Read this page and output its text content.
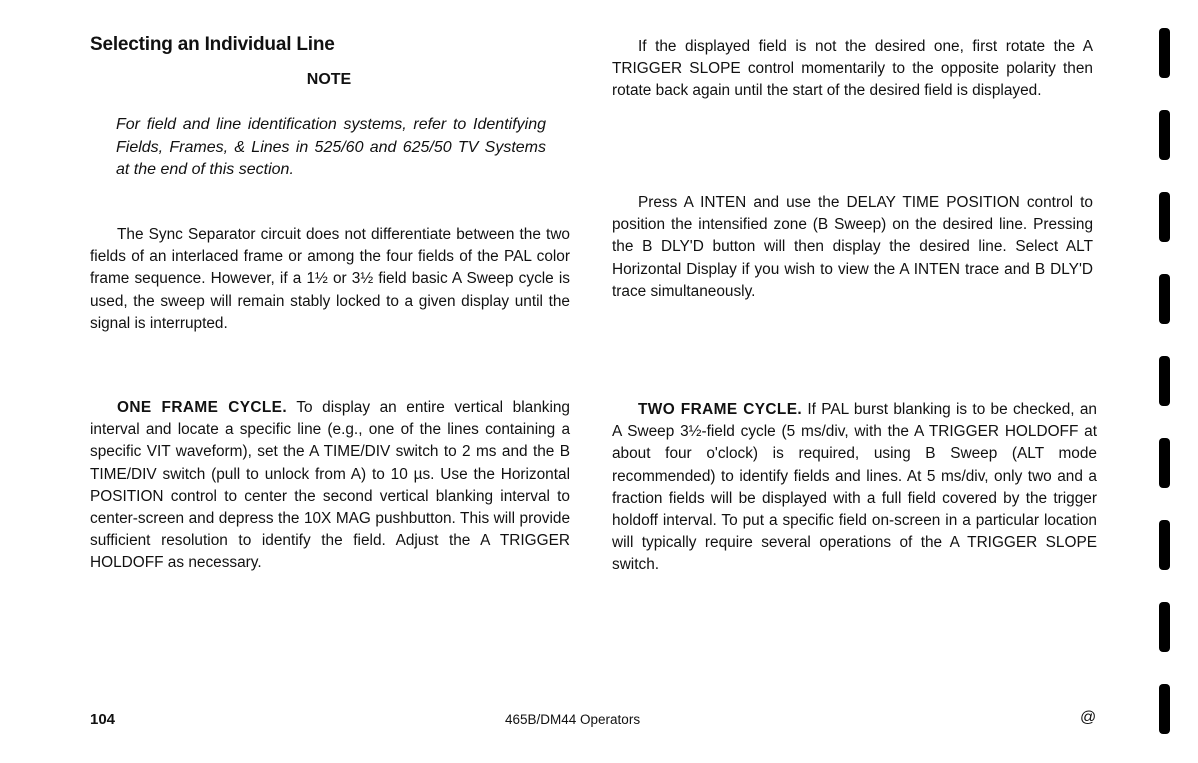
Selecting an Individual Line

NOTE

For field and line identification systems, refer to Identifying Fields, Frames, & Lines in 525/60 and 625/50 TV Systems at the end of this section.

The Sync Separator circuit does not differentiate between the two fields of an interlaced frame or among the four fields of the PAL color frame sequence. However, if a 1½ or 3½ field basic A Sweep cycle is used, the sweep will remain stably locked to a given display until the signal is interrupted.

ONE FRAME CYCLE. To display an entire vertical blanking interval and locate a specific line (e.g., one of the lines containing a specific VIT waveform), set the A TIME/DIV switch to 2 ms and the B TIME/DIV switch (pull to unlock from A) to 10 µs. Use the Horizontal POSITION control to center the second vertical blanking interval to center-screen and depress the 10X MAG pushbutton. This will provide sufficient resolution to identify the field. Adjust the A TRIGGER HOLDOFF as necessary.

If the displayed field is not the desired one, first rotate the A TRIGGER SLOPE control momentarily to the opposite polarity then rotate back again until the start of the desired field is displayed.

Press A INTEN and use the DELAY TIME POSITION control to position the intensified zone (B Sweep) on the desired line. Pressing the B DLY'D button will then display the desired line. Select ALT Horizontal Display if you wish to view the A INTEN trace and B DLY'D trace simultaneously.

TWO FRAME CYCLE. If PAL burst blanking is to be checked, an A Sweep 3½-field cycle (5 ms/div, with the A TRIGGER HOLDOFF at about four o'clock) is required, using B Sweep (ALT mode recommended) to identify fields and lines. At 5 ms/div, only two and a fraction fields will be displayed with a full field covered by the trigger holdoff interval. To put a specific field on-screen in a particular location will typically require several operations of the A TRIGGER SLOPE switch.

104	465B/DM44 Operators	@
